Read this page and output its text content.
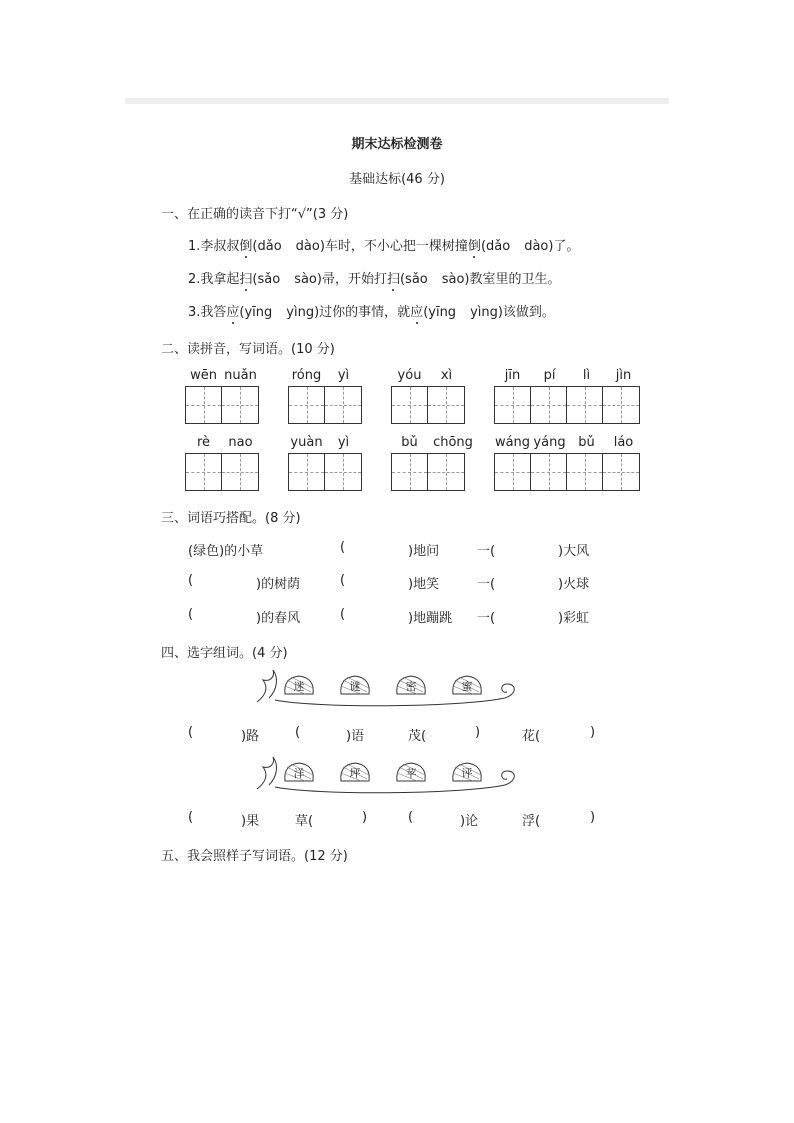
期末达标检测卷
基础达标(46 分)
一、在正确的读音下打“√”(3 分)
1.李叔叔倒(dǎo dào)车时，不小心把一棵树撞倒(dǎo dào)了。
2.我拿起扫(sǎo sào)帚，开始打扫(sǎo sào)教室里的卫生。
3.我答应(yīng yìng)过你的事情，就应(yīng yìng)该做到。
二、读拼音，写词语。(10 分)
wēn nuǎn	róng	yì	yóu	xì	jīn	pí	lì	jìn
rè	nao	yuàn	yì	bǔ	chōng	wáng yáng bǔ	láo
三、词语巧搭配。(8 分)
(绿色)的小草	(	)地问	一(	)大风
(	)的树荫	(	)地笑	一(	)火球
(	)的春风	(	)地蹦跳 一(	)彩虹
四、选字组词。(4 分)
迷	谜	密	蜜
(	)路	(	)语	茂(	)	花(	)
洋	坪	苹	评
(	)果	草(	)	(	)论	浮(	)
五、我会照样子写词语。(12 分)
